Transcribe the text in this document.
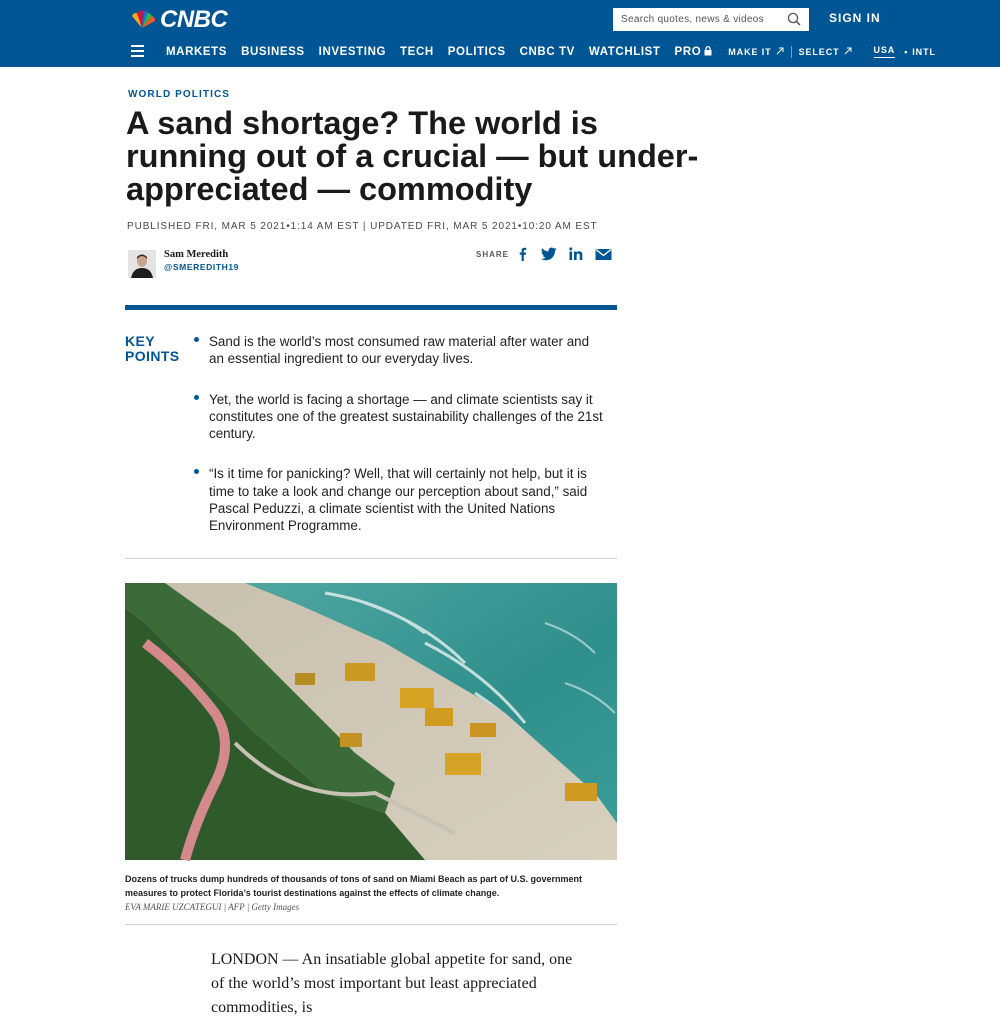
CNBC
Search quotes, news & videos	SIGN IN
MARKETS BUSINESS INVESTING TECH POLITICS CNBC TV WATCHLIST PRO	MAKE IT	SELECT	USA • INTL
WORLD POLITICS
A sand shortage? The world is running out of a crucial — but under-appreciated — commodity
PUBLISHED FRI, MAR 5 2021•1:14 AM EST | UPDATED FRI, MAR 5 2021•10:20 AM EST
Sam Meredith
@SMEREDITH19
SHARE
KEY
POINTS
Sand is the world’s most consumed raw material after water and an essential ingredient to our everyday lives.
Yet, the world is facing a shortage — and climate scientists say it constitutes one of the greatest sustainability challenges of the 21st century.
“Is it time for panicking? Well, that will certainly not help, but it is time to take a look and change our perception about sand,” said Pascal Peduzzi, a climate scientist with the United Nations Environment Programme.
Dozens of trucks dump hundreds of thousands of tons of sand on Miami Beach as part of U.S. government measures to protect Florida’s tourist destinations against the effects of climate change.
EVA MARIE UZCATEGUI | AFP | Getty Images
LONDON — An insatiable global appetite for sand, one of the world’s most important but least appreciated commodities, is
